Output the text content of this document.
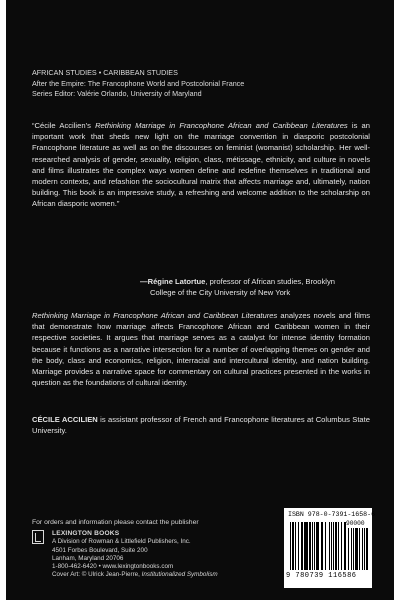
AFRICAN STUDIES • CARIBBEAN STUDIES
After the Empire: The Francophone World and Postcolonial France
Series Editor: Valérie Orlando, University of Maryland

“Cécile Accilien’s Rethinking Marriage in Francophone African and Caribbean Literatures is an important work that sheds new light on the marriage convention in diasporic postcolonial Francophone literature as well as on the discourses on feminist (womanist) scholarship. Her well-researched analysis of gender, sexuality, religion, class, métissage, ethnicity, and culture in novels and films illustrates the complex ways women define and redefine themselves in traditional and modern contexts, and refashion the sociocultural matrix that affects marriage and, ultimately, nation building. This book is an impressive study, a refreshing and welcome addition to the scholarship on African diasporic women.”

—Régine Latortue, professor of African studies, Brooklyn
College of the City University of New York

Rethinking Marriage in Francophone African and Caribbean Literatures analyzes novels and films that demonstrate how marriage affects Francophone African and Caribbean women in their respective societies. It argues that marriage serves as a catalyst for intense identity formation because it functions as a narrative intersection for a number of overlapping themes on gender and the body, class and economics, religion, interracial and intercultural identity, and nation building. Marriage provides a narrative space for commentary on cultural practices presented in the works in question as the foundations of cultural identity.

CÉCILE ACCILIEN is assistant professor of French and Francophone literatures at Columbus State University.

For orders and information please contact the publisher
LEXINGTON BOOKS
A Division of Rowman & Littlefield Publishers, Inc.
4501 Forbes Boulevard, Suite 200
Lanham, Maryland 20706
1-800-462-6420 • www.lexingtonbooks.com
Cover Art: © Ulrick Jean-Pierre, Institutionalized Symbolism
ISBN 978-0-7391-1658-6
90000
9 780739 116586
